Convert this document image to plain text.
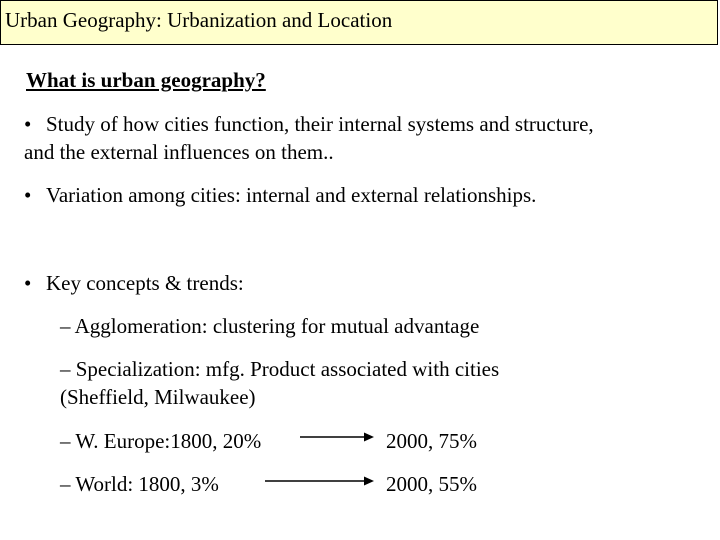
Urban Geography: Urbanization and Location
What is urban geography?
• Study of how cities function, their internal systems and structure, and the external influences on them..
• Variation among cities: internal and external relationships.
• Key concepts & trends:
– Agglomeration: clustering for mutual advantage
– Specialization: mfg. Product associated with cities
(Sheffield, Milwaukee)
– W. Europe:1800, 20%	2000, 75%
– World: 1800, 3%	2000, 55%
